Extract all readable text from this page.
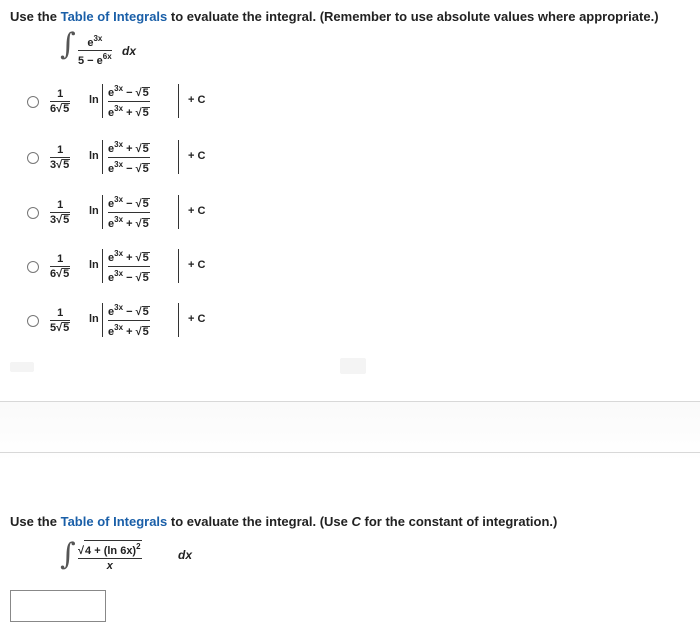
Use the Table of Integrals to evaluate the integral. (Remember to use absolute values where appropriate.)
∫	$e^{3x}$
$5 - e^{6x}$ dx
1
6√5
ln
$e^{3x} - √5$
$e^{3x} + √5$
+ C
1
3√5
ln
$e^{3x} + √5$
$e^{3x} - √5$
+ C
1
3√5
ln
$e^{3x} - √5$
$e^{3x} + √5$
+ C
1
6√5
ln
$e^{3x} + √5$
$e^{3x} - √5$
+ C
1
5√5
ln
$e^{3x} - √5$
$e^{3x} + √5$
+ C
Use the Table of Integrals to evaluate the integral. (Use C for the constant of integration.)
∫ √4 + (ln 6x)$^2$
x
dx
